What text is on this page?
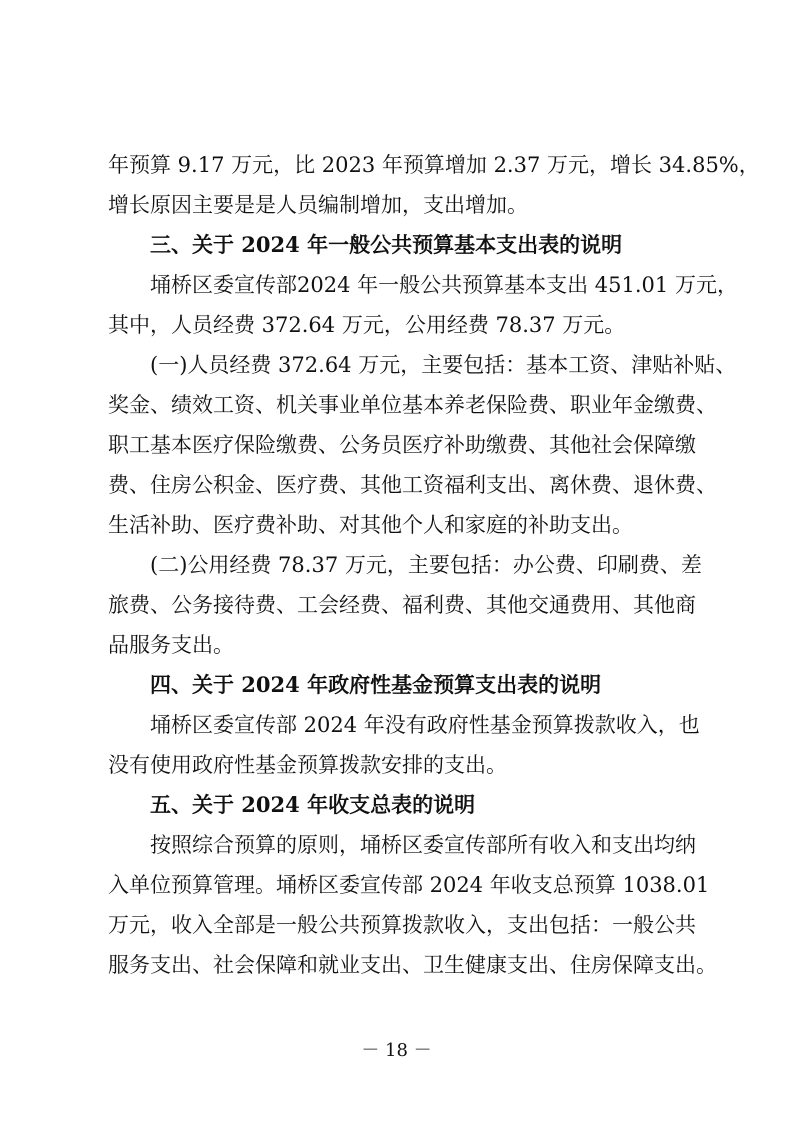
年预算 9.17 万元，比 2023 年预算增加 2.37 万元，增长 34.85%，
增长原因主要是是人员编制增加，支出增加。
三、关于 2024 年一般公共预算基本支出表的说明
埇桥区委宣传部2024 年一般公共预算基本支出 451.01 万元，
其中，人员经费 372.64 万元，公用经费 78.37 万元。
(一)人员经费 372.64 万元，主要包括：基本工资、津贴补贴、
奖金、绩效工资、机关事业单位基本养老保险费、职业年金缴费、
职工基本医疗保险缴费、公务员医疗补助缴费、其他社会保障缴
费、住房公积金、医疗费、其他工资福利支出、离休费、退休费、
生活补助、医疗费补助、对其他个人和家庭的补助支出。
(二)公用经费 78.37 万元，主要包括：办公费、印刷费、差
旅费、公务接待费、工会经费、福利费、其他交通费用、其他商
品服务支出。
四、关于 2024 年政府性基金预算支出表的说明
埇桥区委宣传部 2024 年没有政府性基金预算拨款收入，也
没有使用政府性基金预算拨款安排的支出。
五、关于 2024 年收支总表的说明
按照综合预算的原则，埇桥区委宣传部所有收入和支出均纳
入单位预算管理。埇桥区委宣传部 2024 年收支总预算 1038.01
万元，收入全部是一般公共预算拨款收入，支出包括：一般公共
服务支出、社会保障和就业支出、卫生健康支出、住房保障支出。
－ 18 －
